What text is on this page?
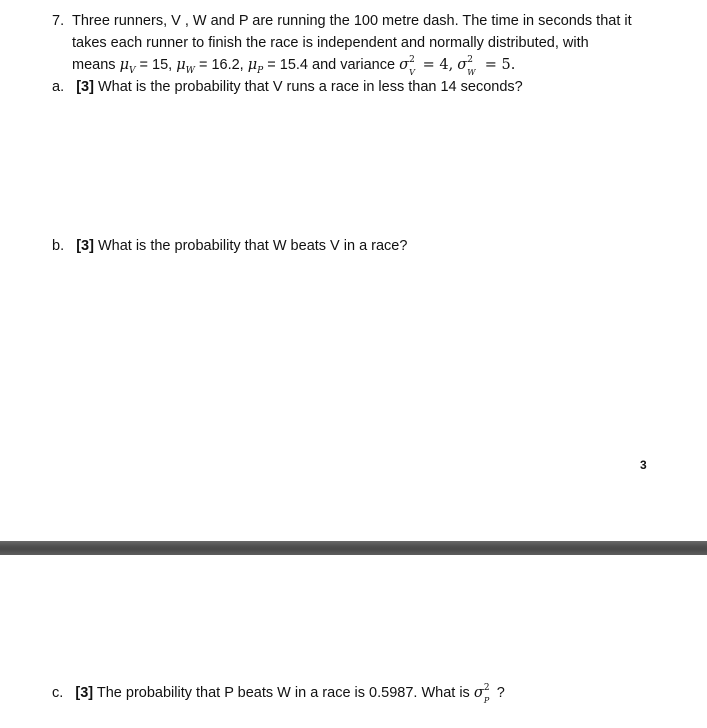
7. Three runners, V , W and P are running the 100 metre dash. The time in seconds that it
takes each runner to finish the race is independent and normally distributed, with
means $\mu_V = 15$, $\mu_W = 16.2$, $\mu_P = 15.4$ and variance σ 2
V = 4, σ 2
W = 5.
a. [3] What is the probability that V runs a race in less than 14 seconds?
b. [3] What is the probability that W beats V in a race?
3
c. [3] The probability that P beats W in a race is 0.5987. What is σ 2
P ?
